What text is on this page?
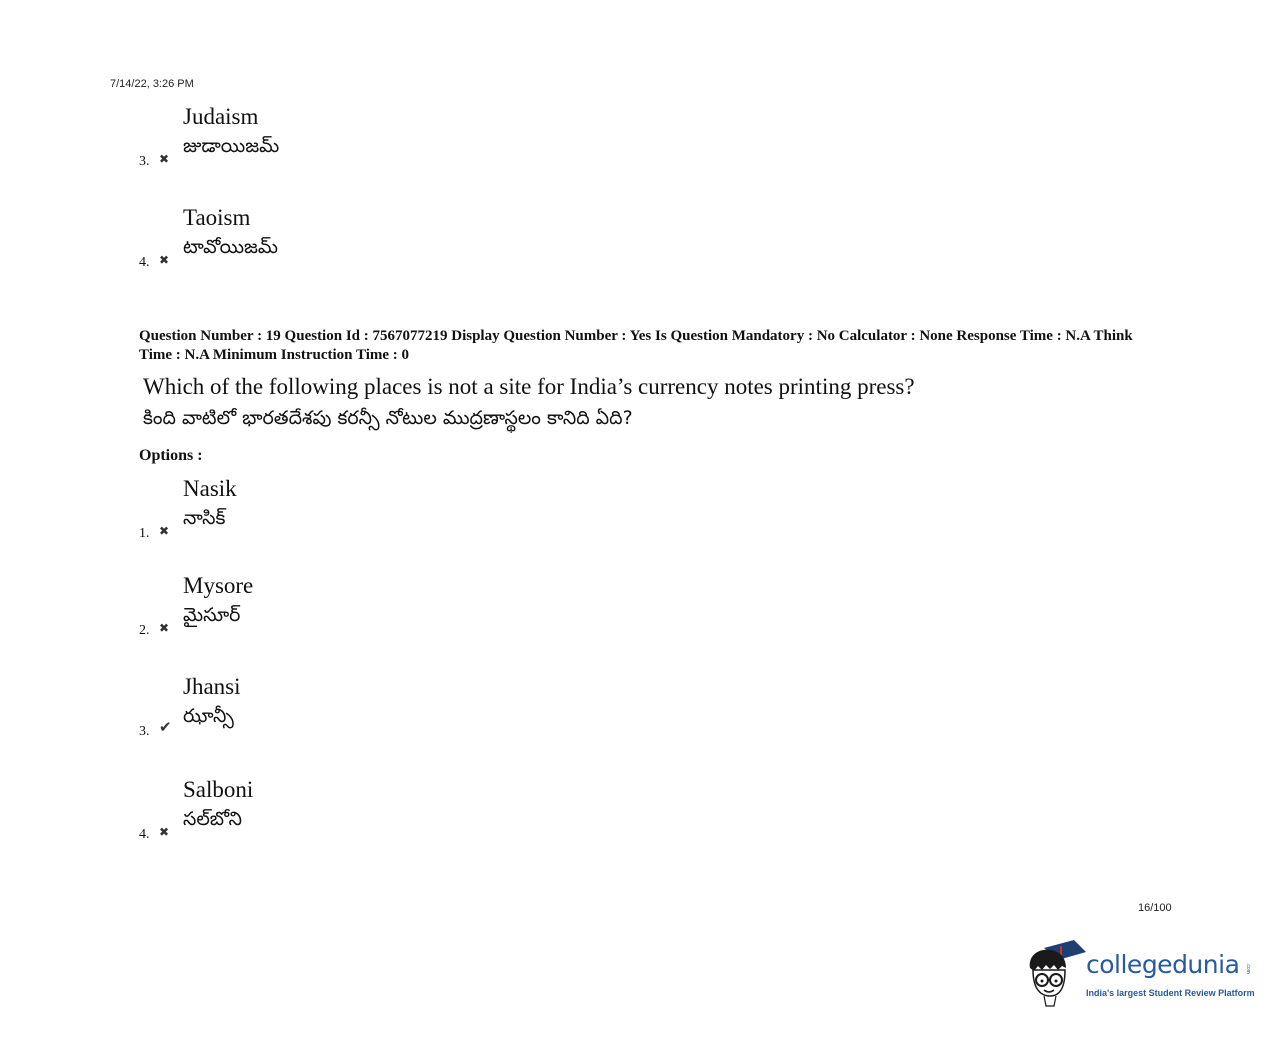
7/14/22, 3:26 PM
Judaism
జుడాయిజమ్
3. ✖
Taoism
టావోయిజమ్
4. ✖
Question Number : 19 Question Id : 7567077219 Display Question Number : Yes Is Question Mandatory : No Calculator : None Response Time : N.A Think Time : N.A Minimum Instruction Time : 0
Which of the following places is not a site for India’s currency notes printing press?
కింది వాటిలో భారతదేశపు కరన్సీ నోటుల ముద్రణాస్థలం కానిది ఏది?
Options :
Nasik
నాసిక్
1. ✖
Mysore
మైసూర్
2. ✖
Jhansi
ఝాన్సీ
3. ✔
Salboni
సల్‌బోని
4. ✖
16/100
collegedunia .com
India's largest Student Review Platform
